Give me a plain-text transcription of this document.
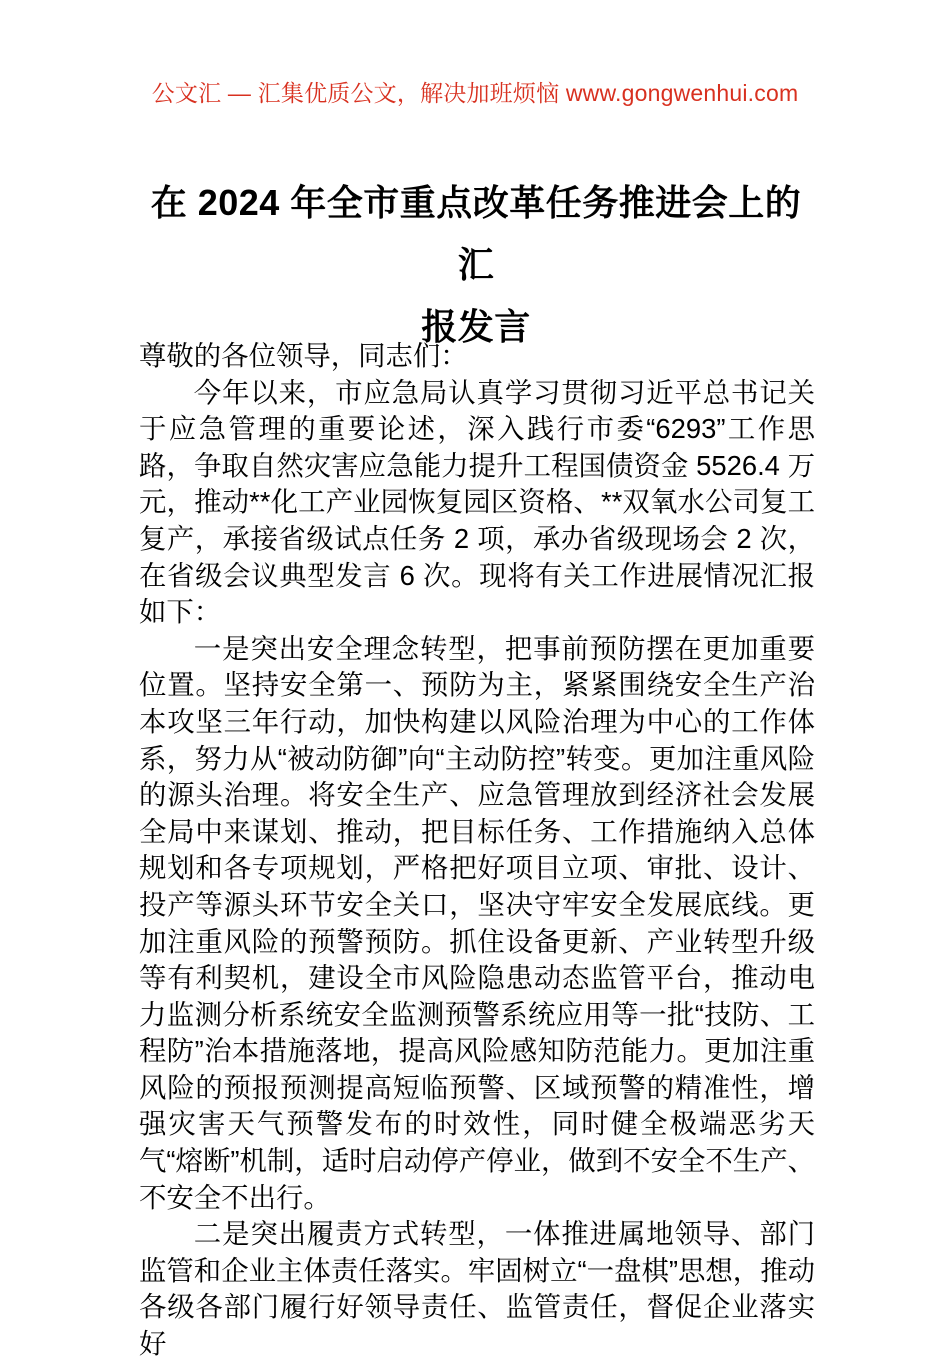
公文汇 — 汇集优质公文，解决加班烦恼 www.gongwenhui.com
在 2024 年全市重点改革任务推进会上的汇
报发言

尊敬的各位领导，同志们：

今年以来，市应急局认真学习贯彻习近平总书记关于应急管理的重要论述，深入践行市委“6293”工作思路，争取自然灾害应急能力提升工程国债资金 5526.4 万元，推动**化工产业园恢复园区资格、**双氧水公司复工复产，承接省级试点任务 2 项，承办省级现场会 2 次，在省级会议典型发言 6 次。现将有关工作进展情况汇报如下：

一是突出安全理念转型，把事前预防摆在更加重要位置。坚持安全第一、预防为主，紧紧围绕安全生产治本攻坚三年行动，加快构建以风险治理为中心的工作体系，努力从“被动防御”向“主动防控”转变。更加注重风险的源头治理。将安全生产、应急管理放到经济社会发展全局中来谋划、推动，把目标任务、工作措施纳入总体规划和各专项规划，严格把好项目立项、审批、设计、投产等源头环节安全关口，坚决守牢安全发展底线。更加注重风险的预警预防。抓住设备更新、产业转型升级等有利契机，建设全市风险隐患动态监管平台，推动电力监测分析系统安全监测预警系统应用等一批“技防、工程防”治本措施落地，提高风险感知防范能力。更加注重风险的预报预测提高短临预警、区域预警的精准性，增强灾害天气预警发布的时效性，同时健全极端恶劣天气“熔断”机制，适时启动停产停业，做到不安全不生产、不安全不出行。

二是突出履责方式转型，一体推进属地领导、部门监管和企业主体责任落实。牢固树立“一盘棋”思想，推动各级各部门履行好领导责任、监管责任，督促企业落实好
